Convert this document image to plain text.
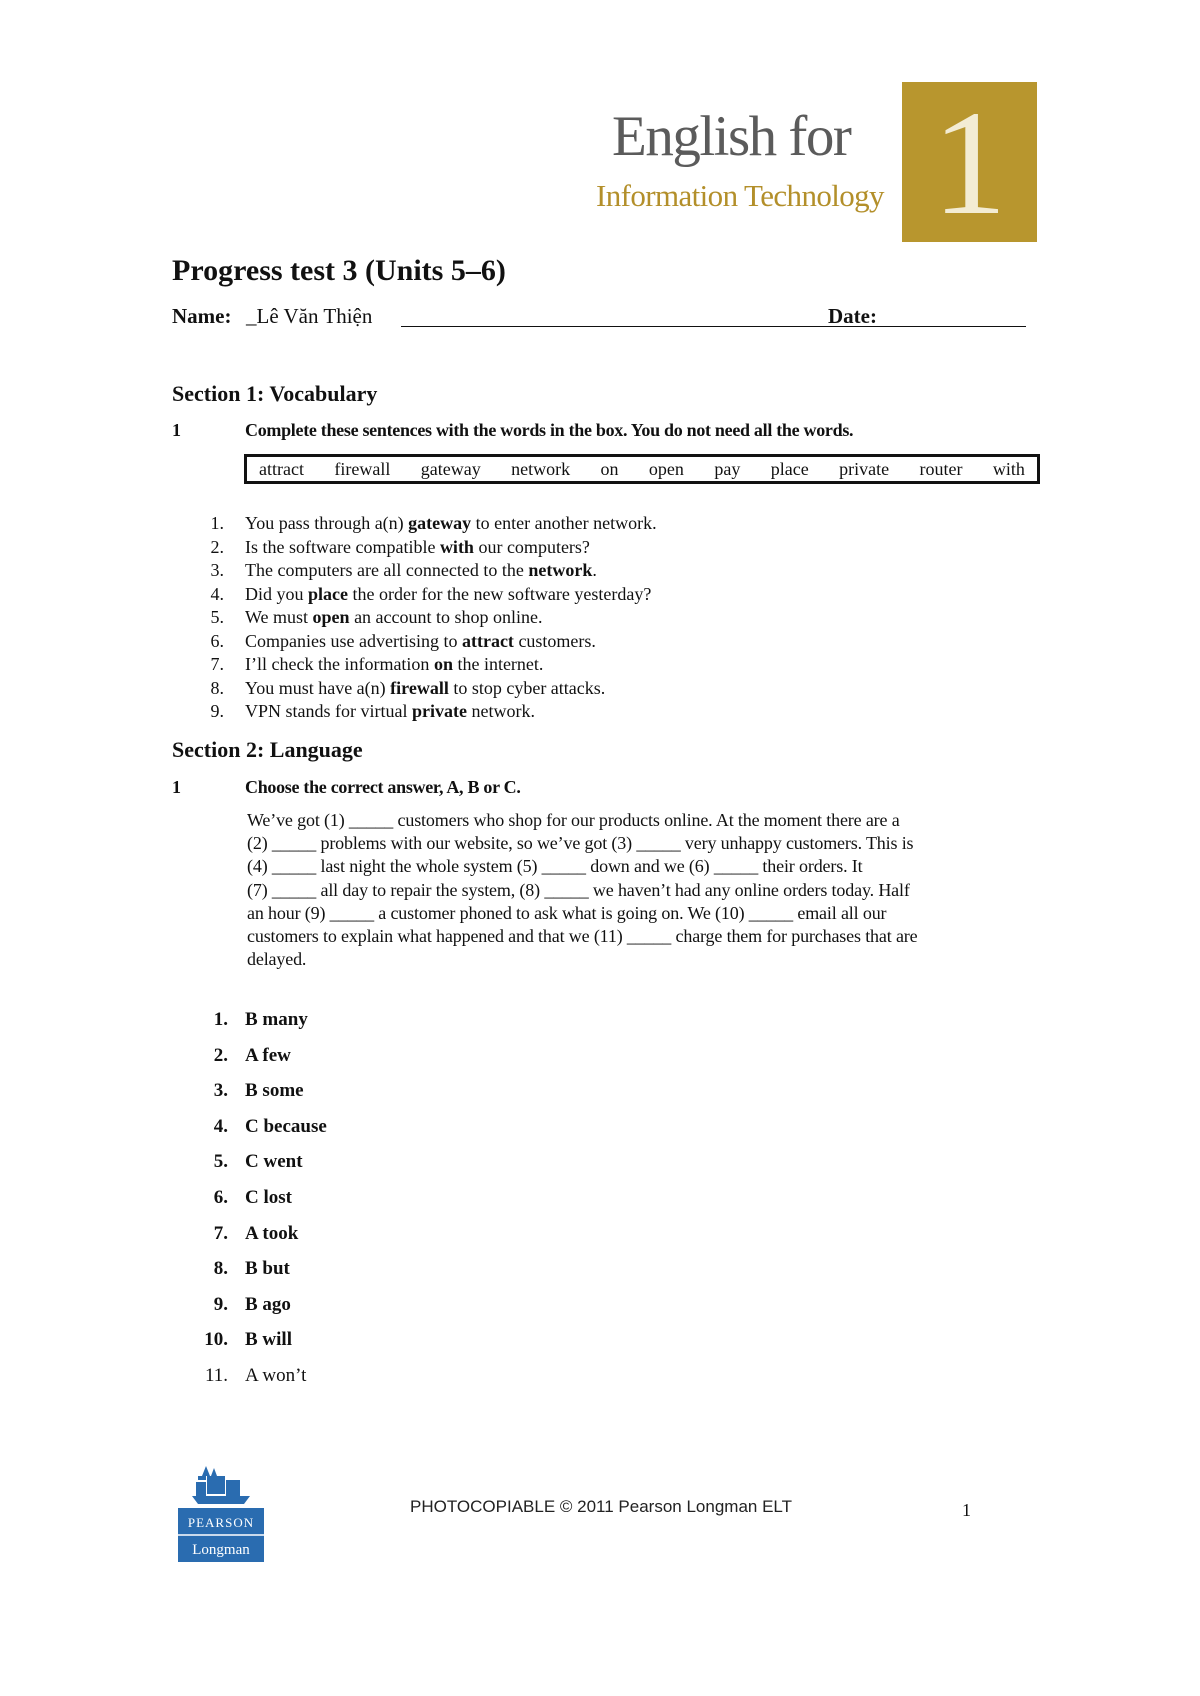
English for
Information Technology 1
Progress test 3 (Units 5–6)
Name: _Lê Văn Thiện	Date:
Section 1: Vocabulary
1	Complete these sentences with the words in the box. You do not need all the words.
attract firewall gateway network on open pay place private router with
1. You pass through a(n) gateway to enter another network.
2. Is the software compatible with our computers?
3. The computers are all connected to the network.
4. Did you place the order for the new software yesterday?
5. We must open an account to shop online.
6. Companies use advertising to attract customers.
7. I’ll check the information on the internet.
8. You must have a(n) firewall to stop cyber attacks.
9. VPN stands for virtual private network.
Section 2: Language
1	Choose the correct answer, A, B or C.
We’ve got (1) _____ customers who shop for our products online. At the moment there are a
(2) _____ problems with our website, so we’ve got (3) _____ very unhappy customers. This is
(4) _____ last night the whole system (5) _____ down and we (6) _____ their orders. It
(7) _____ all day to repair the system, (8) _____ we haven’t had any online orders today. Half
an hour (9) _____ a customer phoned to ask what is going on. We (10) _____ email all our
customers to explain what happened and that we (11) _____ charge them for purchases that are
delayed.
1. B many
2. A few
3. B some
4. C because
5. C went
6. C lost
7. A took
8. B but
9. B ago
10. B will
11. A won’t
PEARSON
Longman
PHOTOCOPIABLE © 2011 Pearson Longman ELT	1
